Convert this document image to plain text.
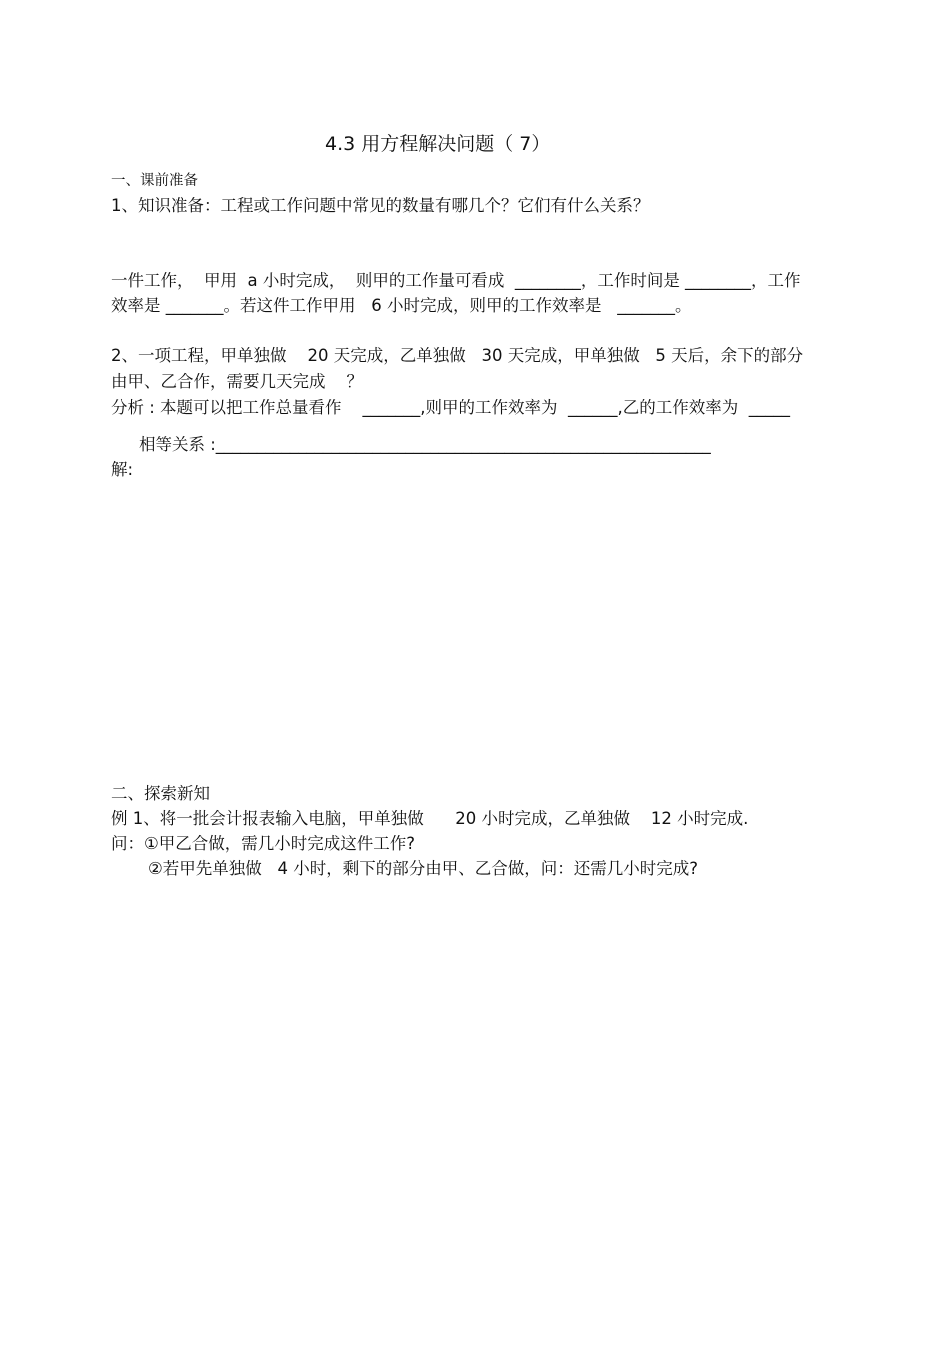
4.3 用方程解决问题（ 7）
一、课前准备
1、知识准备：工程或工作问题中常见的数量有哪几个？它们有什么关系？
一件工作，  甲用  a 小时完成，  则甲的工作量可看成  ________，工作时间是 ________，工作
效率是 _______。若这件工作甲用   6 小时完成，则甲的工作效率是   _______。
2、一项工程，甲单独做    20 天完成，乙单独做   30 天完成，甲单独做   5 天后，余下的部分
由甲、乙合作，需要几天完成    ？
分析 : 本题可以把工作总量看作    _______,则甲的工作效率为  ______,乙的工作效率为  _____
相等关系 :____________________________________________________________
解:
二、探索新知
例 1、将一批会计报表输入电脑，甲单独做      20 小时完成，乙单独做    12 小时完成.
问：①甲乙合做，需几小时完成这件工作?
②若甲先单独做   4 小时，剩下的部分由甲、乙合做，问：还需几小时完成?
